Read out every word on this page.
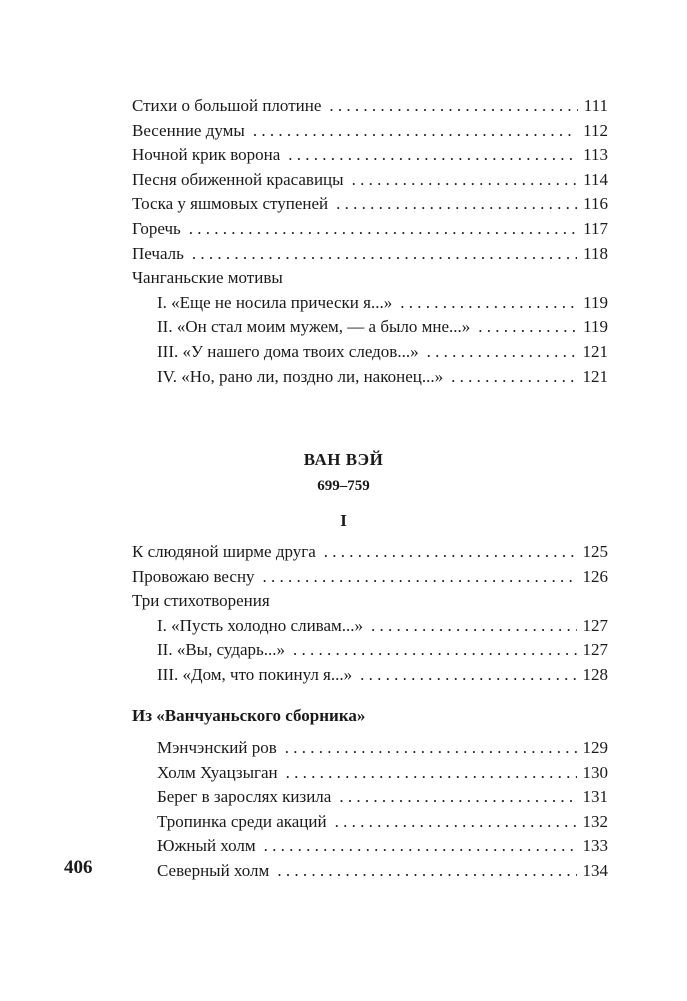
Стихи о большой плотине . . .	111
Весенние думы . . .	112
Ночной крик ворона . . .	113
Песня обиженной красавицы . . .	114
Тоска у яшмовых ступеней . . .	116
Горечь . . .	117
Печаль . . .	118
Чанганьские мотивы
I. «Еще не носила прически я...» . . .	119
II. «Он стал моим мужем, — а было мне...» . . .	119
III. «У нашего дома твоих следов...» . . .	121
IV. «Но, рано ли, поздно ли, наконец...» . . .	121
ВАН ВЭЙ
699–759
I
К слюдяной ширме друга . . .	125
Провожаю весну . . .	126
Три стихотворения
I. «Пусть холодно сливам...» . . .	127
II. «Вы, сударь...» . . .	127
III. «Дом, что покинул я...» . . .	128
Из «Ванчуаньского сборника»
Мэнчэнский ров . . .	129
Холм Хуацзыган . . .	130
Берег в зарослях кизила . . .	131
Тропинка среди акаций . . .	132
Южный холм . . .	133
Северный холм . . .	134
406
